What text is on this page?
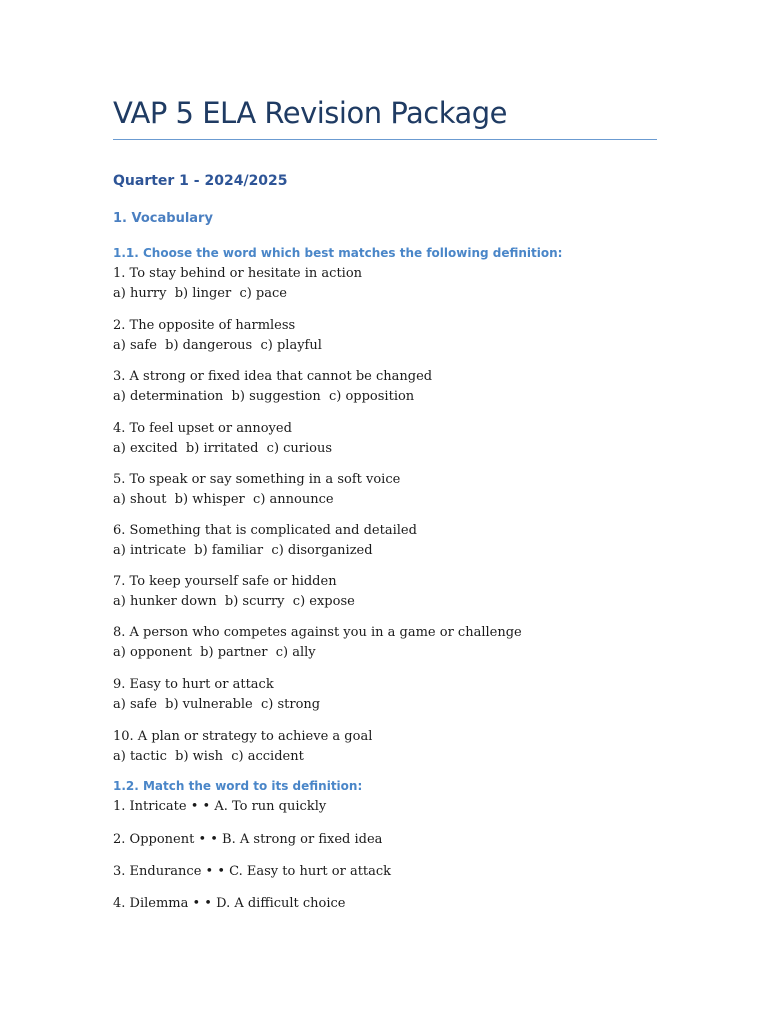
VAP 5 ELA Revision Package
Quarter 1 - 2024/2025
1. Vocabulary
1.1. Choose the word which best matches the following definition:
1. To stay behind or hesitate in action
a) hurry  b) linger  c) pace
2. The opposite of harmless
a) safe  b) dangerous  c) playful
3. A strong or fixed idea that cannot be changed
a) determination  b) suggestion  c) opposition
4. To feel upset or annoyed
a) excited  b) irritated  c) curious
5. To speak or say something in a soft voice
a) shout  b) whisper  c) announce
6. Something that is complicated and detailed
a) intricate  b) familiar  c) disorganized
7. To keep yourself safe or hidden
a) hunker down  b) scurry  c) expose
8. A person who competes against you in a game or challenge
a) opponent  b) partner  c) ally
9. Easy to hurt or attack
a) safe  b) vulnerable  c) strong
10. A plan or strategy to achieve a goal
a) tactic  b) wish  c) accident
1.2. Match the word to its definition:
1. Intricate • • A. To run quickly
2. Opponent • • B. A strong or fixed idea
3. Endurance • • C. Easy to hurt or attack
4. Dilemma • • D. A difficult choice
